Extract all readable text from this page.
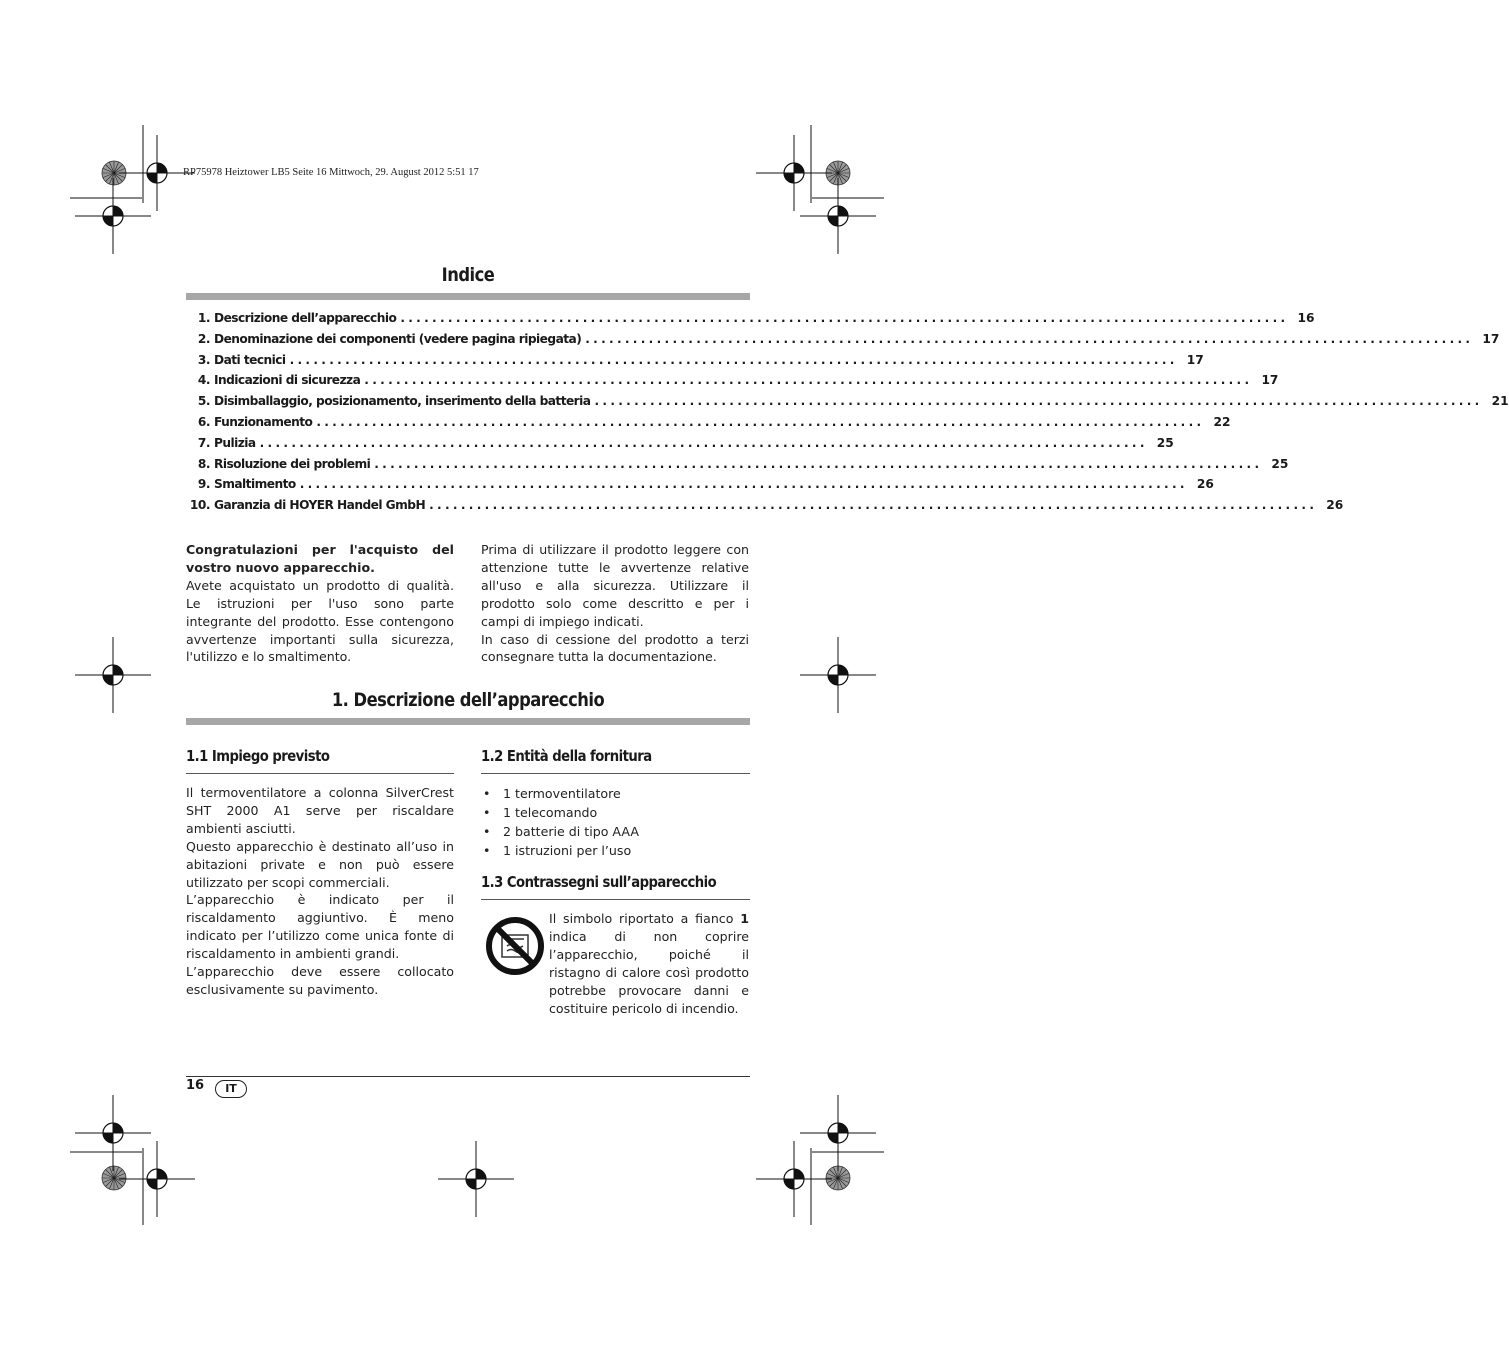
RP75978 Heiztower LB5 Seite 16 Mittwoch, 29. August 2012 5:51 17
Indice
1. Descrizione dell’apparecchio ................................................................................................................ 16
2. Denominazione dei componenti (vedere pagina ripiegata) ................................................................................................................ 17
3. Dati tecnici ................................................................................................................ 17
4. Indicazioni di sicurezza ................................................................................................................ 17
5. Disimballaggio, posizionamento, inserimento della batteria ................................................................................................................ 21
6. Funzionamento ................................................................................................................ 22
7. Pulizia ................................................................................................................ 25
8. Risoluzione dei problemi ................................................................................................................ 25
9. Smaltimento ................................................................................................................ 26
10. Garanzia di HOYER Handel GmbH ................................................................................................................ 26

Congratulazioni per l'acquisto del vostro nuovo apparecchio.

Avete acquistato un prodotto di qualità. Le istruzioni per l'uso sono parte integrante del prodotto. Esse contengono avvertenze importanti sulla sicurezza, l'utilizzo e lo smaltimento.

Prima di utilizzare il prodotto leggere con attenzione tutte le avvertenze relative all'uso e alla sicurezza. Utilizzare il prodotto solo come descritto e per i campi di impiego indicati.

In caso di cessione del prodotto a terzi consegnare tutta la documentazione.

1. Descrizione dell’apparecchio
1.1 Impiego previsto

Il termoventilatore a colonna SilverCrest SHT 2000 A1 serve per riscaldare ambienti asciutti.

Questo apparecchio è destinato all’uso in abitazioni private e non può essere utilizzato per scopi commerciali.

L’apparecchio è indicato per il riscaldamento aggiuntivo. È meno indicato per l’utilizzo come unica fonte di riscaldamento in ambienti grandi.

L’apparecchio deve essere collocato esclusivamente su pavimento.

1.2 Entità della fornitura
• 1 termoventilatore
• 1 telecomando
• 2 batterie di tipo AAA
• 1 istruzioni per l’uso
1.3 Contrassegni sull’apparecchio

Il simbolo riportato a fianco 1 indica di non coprire l’apparecchio, poiché il ristagno di calore così prodotto potrebbe provocare danni e costituire pericolo di incendio.

16	IT
